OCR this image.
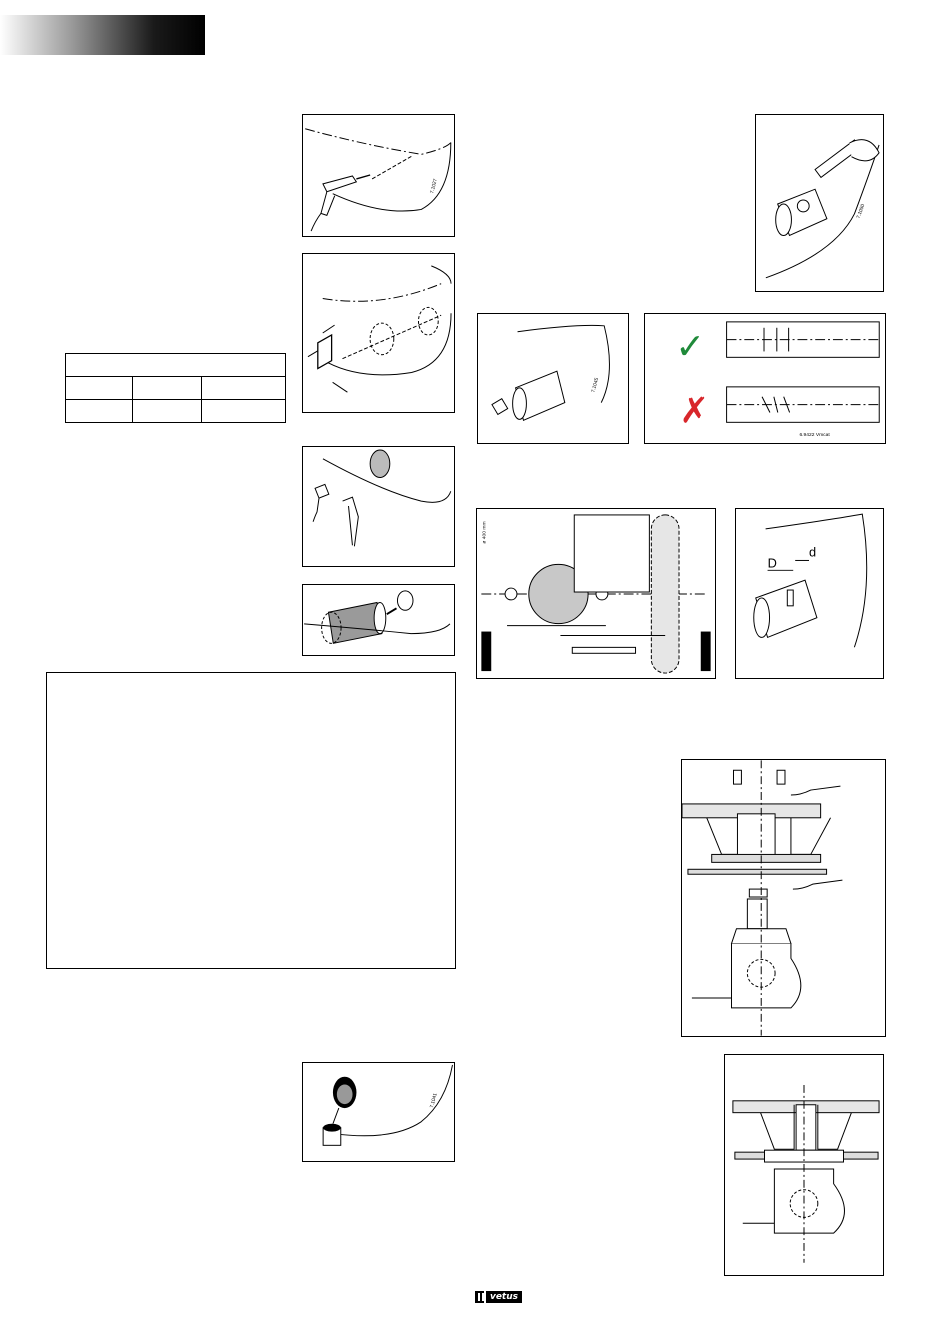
7.1027

7.1041
7.1050
7.1045
✓
✗
6.9422 Vmcat
ø 400 mm
D
d
vetus
